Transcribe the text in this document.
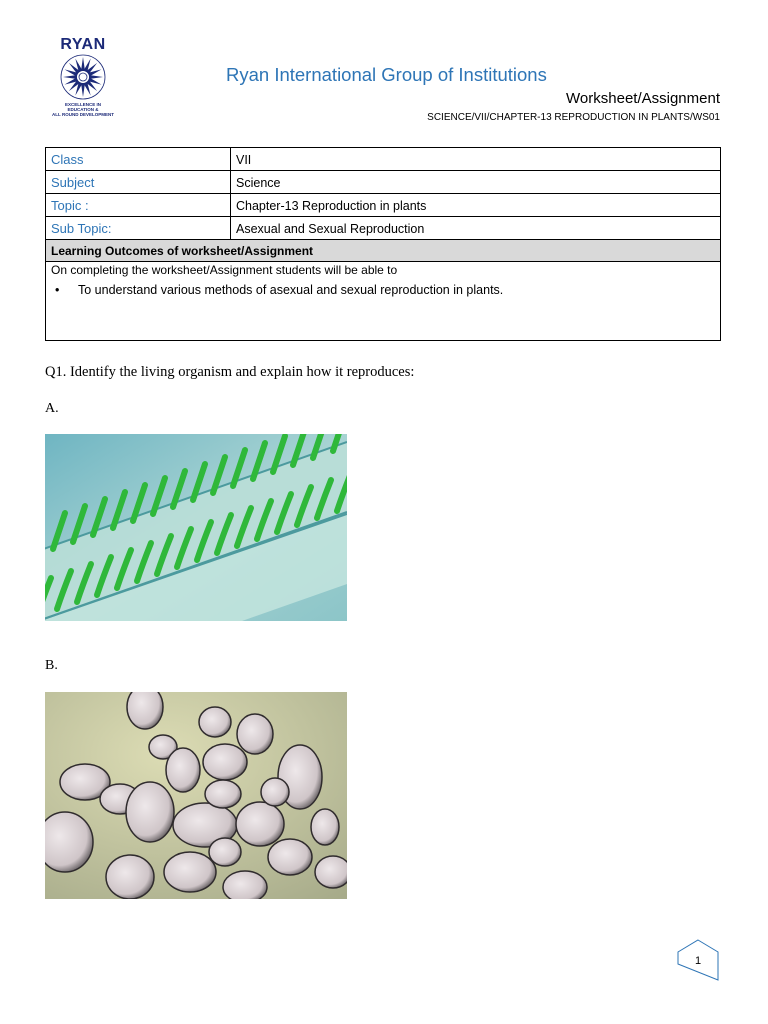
RYAN
EXCELLENCE IN EDUCATION &
ALL ROUND DEVELOPMENT
Ryan International Group of Institutions
Worksheet/Assignment
SCIENCE/VII/CHAPTER-13 REPRODUCTION IN PLANTS/WS01
Class	VII
Subject	Science
Topic :	Chapter-13 Reproduction in plants
Sub Topic:	Asexual and Sexual Reproduction
Learning Outcomes of worksheet/Assignment	

On completing the worksheet/Assignment students will be able to
• To understand various methods of asexual and sexual reproduction in plants.	
Q1. Identify the living organism and explain how it reproduces:
A.
B.
1
